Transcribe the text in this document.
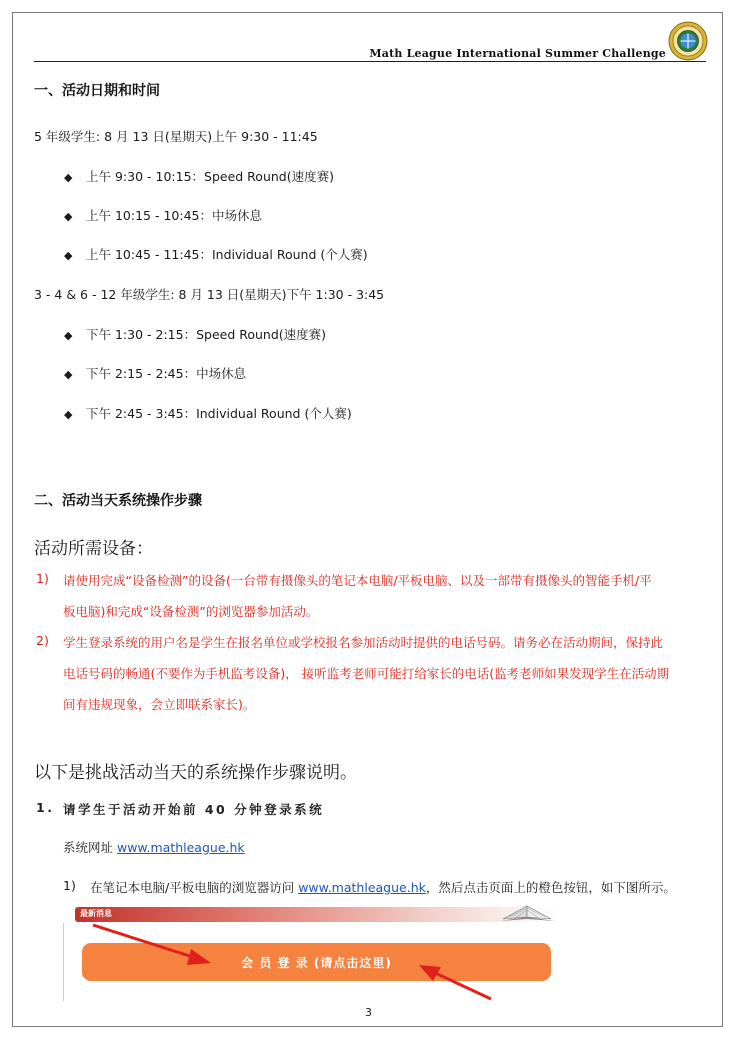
Math League International Summer Challenge
一、活动日期和时间
5 年级学生: 8 月 13 日(星期天)上午 9:30 - 11:45
◆ 上午 9:30 - 10:15：Speed Round(速度赛)
◆ 上午 10:15 - 10:45：中场休息
◆ 上午 10:45 - 11:45：Individual Round (个人赛)
3 - 4 & 6 - 12 年级学生: 8 月 13 日(星期天)下午 1:30 - 3:45
◆ 下午 1:30 - 2:15：Speed Round(速度赛)
◆ 下午 2:15 - 2:45：中场休息
◆ 下午 2:45 - 3:45：Individual Round (个人赛)
二、活动当天系统操作步骤
活动所需设备：
1) 请使用完成“设备检测”的设备(一台带有摄像头的笔记本电脑/平板电脑、以及一部带有摄像头的智能手机/平
板电脑)和完成“设备检测”的浏览器参加活动。
2) 学生登录系统的用户名是学生在报名单位或学校报名参加活动时提供的电话号码。请务必在活动期间，保持此
电话号码的畅通(不要作为手机监考设备)， 接听监考老师可能打给家长的电话(监考老师如果发现学生在活动期
间有违规现象，会立即联系家长)。
以下是挑战活动当天的系统操作步骤说明。
1. 请学生于活动开始前 40 分钟登录系统
系统网址 www.mathleague.hk
1) 在笔记本电脑/平板电脑的浏览器访问 www.mathleague.hk，然后点击页面上的橙色按钮，如下图所示。
最新消息
会 员 登 录 (请点击这里)
3
